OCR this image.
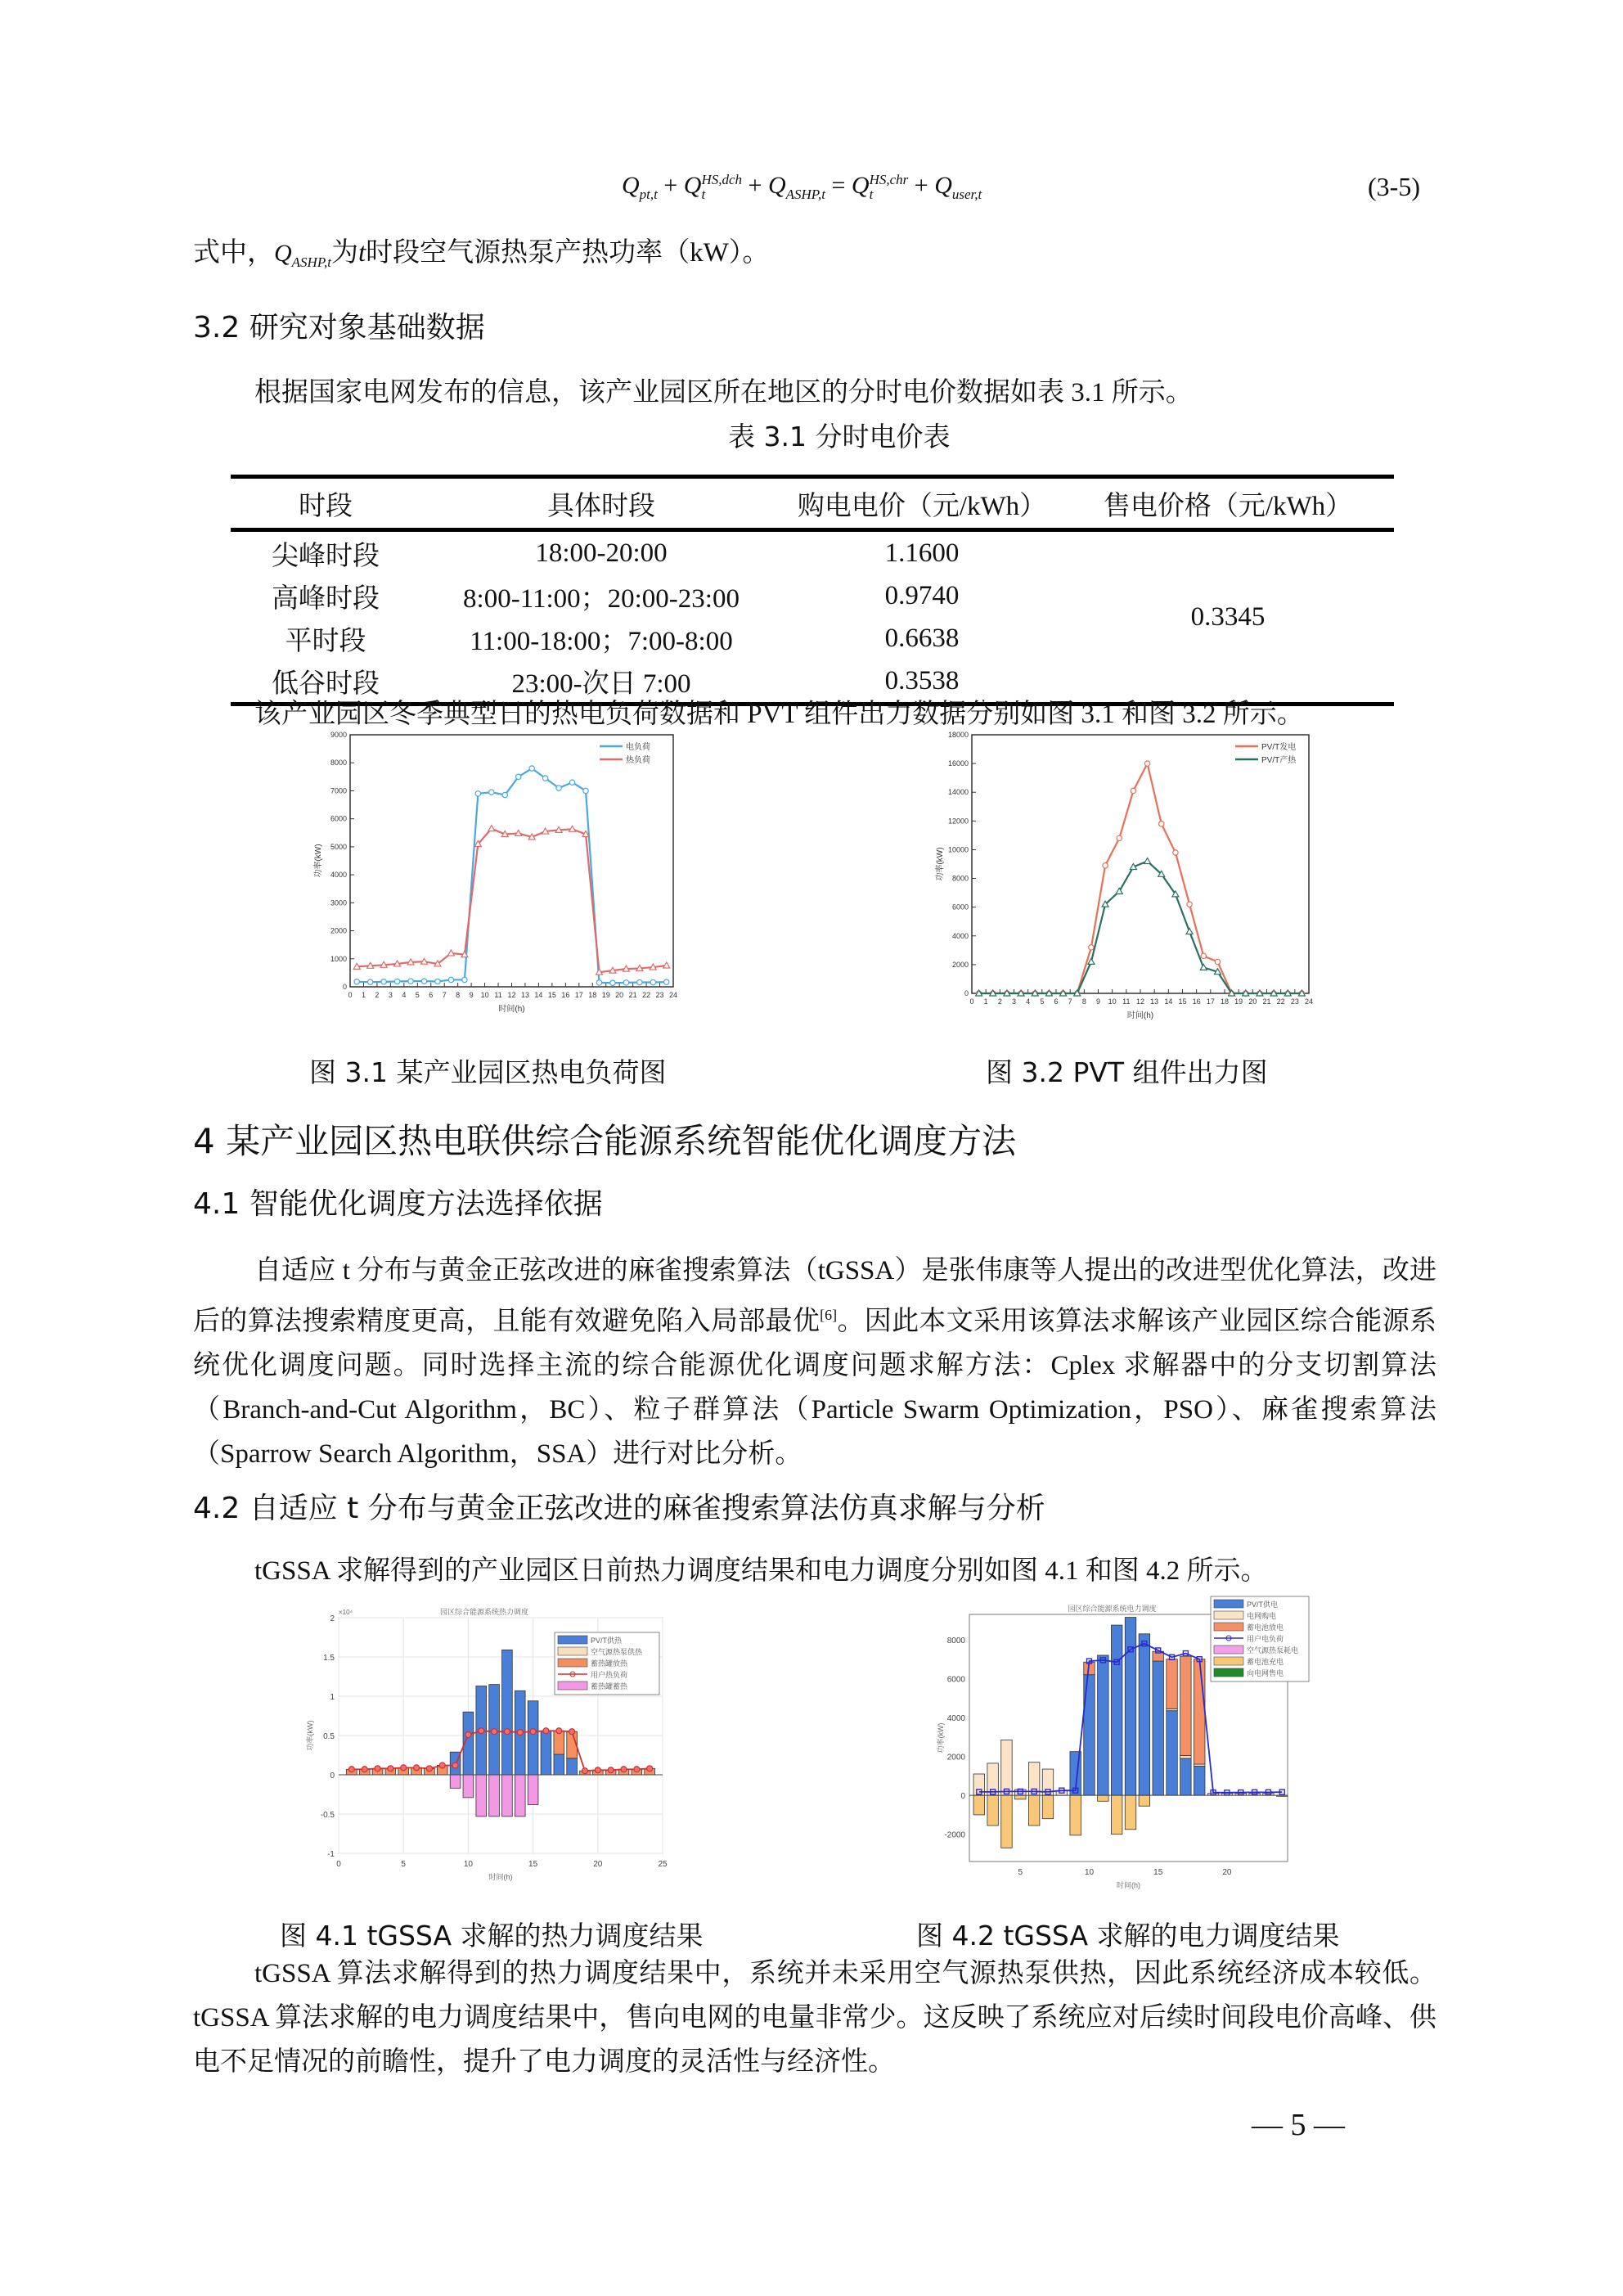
Q
pt,t + Q HS,dch
t	+ Q
ASHP,t = Q HS,chr
t	+ Q
user,t	(3-5)
式中，$Q_{ASHP,t}$为t时段空气源热泵产热功率（kW）。
3.2 研究对象基础数据
根据国家电网发布的信息，该产业园区所在地区的分时电价数据如表 3.1 所示。
表 3.1 分时电价表
时段	具体时段	购电电价（元/kWh）	售电价格（元/kWh）
尖峰时段	18:00-20:00	1.1600	0.3345
高峰时段	8:00-11:00；20:00-23:00	0.9740	
平时段	11:00-18:00；7:00-8:00	0.6638	
低谷时段	23:00-次日 7:00	0.3538	
该产业园区冬季典型日的热电负荷数据和 PVT 组件出力数据分别如图 3.1 和图 3.2 所示。
0
1000
2000
3000
4000
5000
6000
7000
8000
9000
0 1 2 3 4 5 6 7 8 9 10 11 12 13 14 15 16 17 18 19 20 21 22 23 24
时间(h)
功率(kW)
电负荷
热负荷
0
2000
4000
6000
8000
10000
12000
14000
16000
18000
0 1 2 3 4 5 6 7 8 9 10 11 12 13 14 15 16 17 18 19 20 21 22 23 24
时间(h)
功率(kW)
PV/T发电
PV/T产热
图 3.1 某产业园区热电负荷图	图 3.2 PVT 组件出力图
4 某产业园区热电联供综合能源系统智能优化调度方法
4.1 智能优化调度方法选择依据
自适应 t 分布与黄金正弦改进的麻雀搜索算法（tGSSA）是张伟康等人提出的改进型优化算法，改进后的算法搜索精度更高，且能有效避免陷入局部最优[6]。因此本文采用该算法求解该产业园区综合能源系统优化调度问题。同时选择主流的综合能源优化调度问题求解方法：Cplex 求解器中的分支切割算法（Branch-and-Cut Algorithm，BC）、粒子群算法（Particle Swarm Optimization，PSO）、麻雀搜索算法（Sparrow Search Algorithm，SSA）进行对比分析。
4.2 自适应 t 分布与黄金正弦改进的麻雀搜索算法仿真求解与分析
tGSSA 求解得到的产业园区日前热力调度结果和电力调度分别如图 4.1 和图 4.2 所示。
-1
-0.5
0
0.5
1
1.5
2
0	5	10	15	20	25
时间(h)
功率(kW)
园区综合能源系统热力调度
×10⁴
PV/T供热
空气源热泵供热
蓄热罐放热
用户热负荷
蓄热罐蓄热
-2000
0
2000
4000
6000
8000
5	10	15	20
时间(h)
功率(kW)
园区综合能源系统电力调度	PV/T供电
电网购电
蓄电池放电
用户电负荷
空气源热泵耗电
蓄电池充电
向电网售电
图 4.1 tGSSA 求解的热力调度结果	图 4.2 tGSSA 求解的电力调度结果
tGSSA 算法求解得到的热力调度结果中，系统并未采用空气源热泵供热，因此系统经济成本较低。tGSSA 算法求解的电力调度结果中，售向电网的电量非常少。这反映了系统应对后续时间段电价高峰、供电不足情况的前瞻性，提升了电力调度的灵活性与经济性。
— 5 —
